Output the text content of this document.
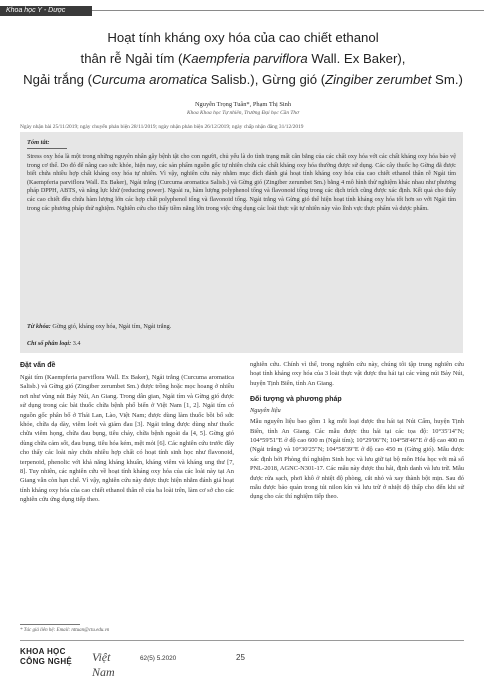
Khoa học Y - Dược
Hoạt tính kháng oxy hóa của cao chiết ethanol
thân rễ Ngải tím (Kaempferia parviflora Wall. Ex Baker),
Ngải trắng (Curcuma aromatica Salisb.), Gừng gió (Zingiber zerumbet Sm.)
Nguyễn Trọng Tuân*, Phạm Thị Sinh
Khoa Khoa học Tự nhiên, Trường Đại học Cần Thơ
Ngày nhận bài 25/11/2019; ngày chuyển phản biện 28/11/2019; ngày nhận phản biện 26/12/2019; ngày chấp nhận đăng 31/12/2019
Tóm tắt:
Stress oxy hóa là một trong những nguyên nhân gây bệnh tật cho con người, chủ yếu là do tình trạng mất cân bằng của các chất oxy hóa với các chất kháng oxy hóa bảo vệ trong cơ thể. Do đó để nâng cao sức khỏe, hiện nay, các sản phẩm nguồn gốc tự nhiên chứa các chất kháng oxy hóa thường được sử dụng. Các cây thuốc họ Gừng đã được biết chứa nhiều hợp chất kháng oxy hóa tự nhiên. Vì vậy, nghiên cứu này nhằm mục đích đánh giá hoạt tính kháng oxy hóa của cao chiết ethanol thân rễ Ngải tím (Kaempferia parviflora Wall. Ex Baker), Ngải trắng (Curcuma aromatica Salisb.) và Gừng gió (Zingiber zerumbet Sm.) bằng 4 mô hình thử nghiệm khác nhau như phương pháp DPPH, ABTS, và năng lực khử (reducing power). Ngoài ra, hàm lượng polyphenol tổng và flavonoid tổng trong các dịch trích cũng được xác định. Kết quả cho thấy các cao chiết đều chứa hàm lượng lớn các hợp chất polyphenol tổng và flavonoid tổng. Ngải trắng và Gừng gió thể hiện hoạt tính kháng oxy hóa tốt hơn so với Ngải tím trong các phương pháp thử nghiệm. Nghiên cứu cho thấy tiềm năng lớn trong việc ứng dụng các loài thực vật tự nhiên này vào lĩnh vực thực phẩm và dược phẩm.
Từ khóa: Gừng gió, kháng oxy hóa, Ngải tím, Ngải trắng.
Chỉ số phân loại: 3.4
Đặt vấn đề
Ngải tím (Kaempferia parviflora Wall. Ex Baker), Ngải trắng (Curcuma aromatica Salisb.) và Gừng gió (Zingiber zerumbet Sm.) được trồng hoặc mọc hoang ở nhiều nơi như vùng núi Bảy Núi, An Giang. Trong dân gian, Ngải tím và Gừng gió được sử dụng trong các bài thuốc chữa bệnh phổ biến ở Việt Nam [1, 2]. Ngải tím có nguồn gốc phân bố ở Thái Lan, Lào, Việt Nam; được dùng làm thuốc bồi bổ sức khỏe, chữa dạ dày, viêm loét và giảm đau [3]. Ngải trắng được dùng như thuốc chữa viêm họng, chữa đau bụng, tiêu chảy, chữa bệnh ngoài da [4, 5]. Gừng gió dùng chữa cảm sốt, đau bụng, tiêu hóa kém, mệt mỏi [6]. Các nghiên cứu trước đây cho thấy các loài này chứa nhiều hợp chất có hoạt tính sinh học như flavonoid, terpenoid, phenolic với khả năng kháng khuẩn, kháng viêm và kháng ung thư [7, 8]. Tuy nhiên, các nghiên cứu về hoạt tính kháng oxy hóa của các loài này tại An Giang vẫn còn hạn chế. Vì vậy, nghiên cứu này được thực hiện nhằm đánh giá hoạt tính kháng oxy hóa của cao chiết ethanol thân rễ của ba loài trên, làm cơ sở cho các nghiên cứu ứng dụng tiếp theo.
nghiên cứu. Chính vì thế, trong nghiên cứu này, chúng tôi tập trung nghiên cứu hoạt tính kháng oxy hóa của 3 loài thực vật được thu hái tại các vùng núi Bảy Núi, huyện Tịnh Biên, tỉnh An Giang.
Đối tượng và phương pháp
Nguyên liệu
Mẫu nguyên liệu bao gồm 1 kg mỗi loại được thu hái tại Núi Cấm, huyện Tịnh Biên, tỉnh An Giang. Các mẫu được thu hái tại các tọa độ: 10°35'14"N; 104°59'51"E ở độ cao 600 m (Ngải tím); 10°29'06"N; 104°58'46"E ở độ cao 400 m (Ngải trắng) và 10°30'25"N; 104°58'39"E ở độ cao 450 m (Gừng gió). Mẫu được xác định bởi Phòng thí nghiệm Sinh học và lưu giữ tại bộ môn Hóa học với mã số PNL-2018, AGNC-N301-17. Các mẫu này được thu hái, định danh và lưu trữ. Mẫu được rửa sạch, phơi khô ở nhiệt độ phòng, cắt nhỏ và xay thành bột mịn. Sau đó mẫu được bảo quản trong túi nilon kín và lưu trữ ở nhiệt độ thấp cho đến khi sử dụng cho các thí nghiệm tiếp theo.
* Tác giả liên hệ: Email: nttuan@ctu.edu.vn
KHOA HỌC
CÔNG NGHỆ	Việt Nam
62(5) 5.2020	25
